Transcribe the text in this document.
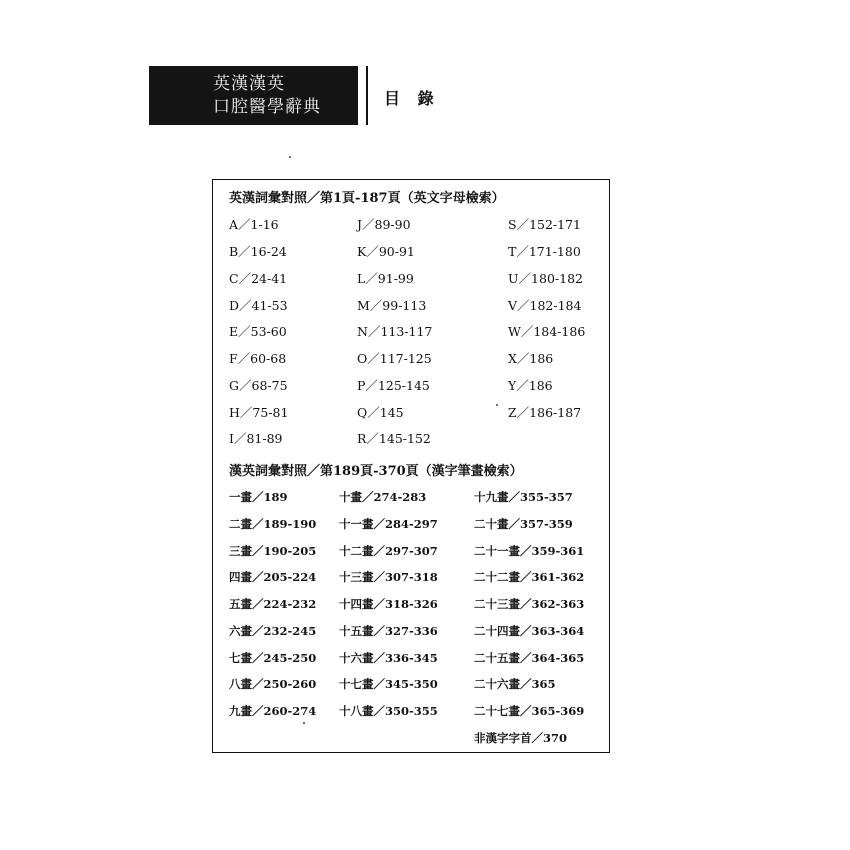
英漢漢英
口腔醫學辭典	目 錄
英漢詞彙對照／第1頁-187頁（英文字母檢索）
漢英詞彙對照／第189頁-370頁（漢字筆畫檢索）
A／1-16
B／16-24
C／24-41
D／41-53
E／53-60
F／60-68
G／68-75
H／75-81
I／81-89
J／89-90
K／90-91
L／91-99
M／99-113
N／113-117
O／117-125
P／125-145
Q／145
R／145-152
S／152-171
T／171-180
U／180-182
V／182-184
W／184-186
X／186
Y／186
Z／186-187
一畫／189
二畫／189-190
三畫／190-205
四畫／205-224
五畫／224-232
六畫／232-245
七畫／245-250
八畫／250-260
九畫／260-274
十畫／274-283
十一畫／284-297
十二畫／297-307
十三畫／307-318
十四畫／318-326
十五畫／327-336
十六畫／336-345
十七畫／345-350
十八畫／350-355
十九畫／355-357
二十畫／357-359
二十一畫／359-361
二十二畫／361-362
二十三畫／362-363
二十四畫／363-364
二十五畫／364-365
二十六畫／365
二十七畫／365-369
非漢字字首／370
